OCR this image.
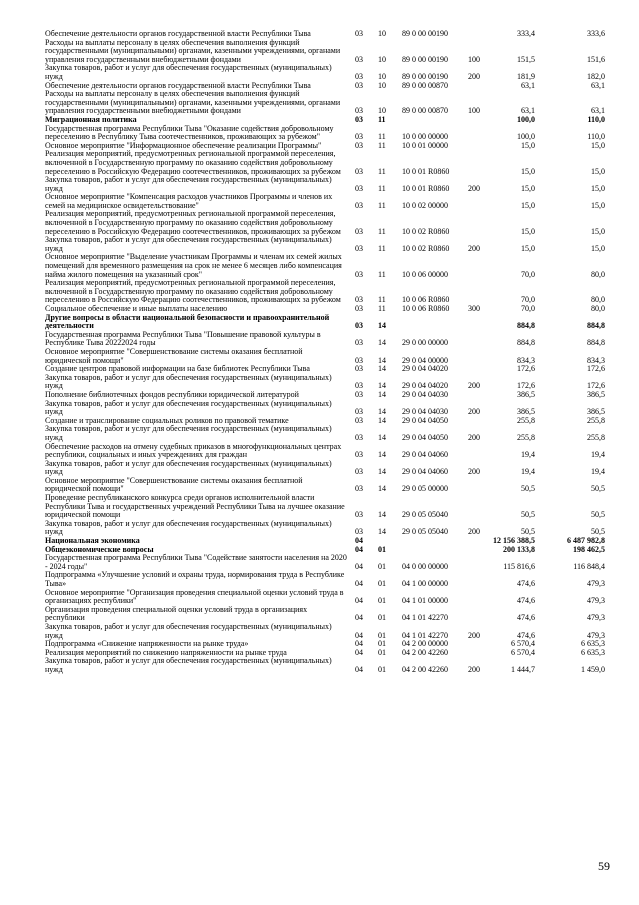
Обеспечение деятельности органов государственной власти Республики Тыва	03 10 89 0 00 00190	333,4	333,6
Расходы на выплаты персоналу в целях обеспечения выполнения функций государственными (муниципальными) органами, казенными учреждениями, органами управления государственными внебюджетными фондами	03 10 89 0 00 00190	100	151,5	151,6
Закупка товаров, работ и услуг для обеспечения государственных (муниципальных) нужд	03 10 89 0 00 00190	200	181,9	182,0
Обеспечение деятельности органов государственной власти Республики Тыва	03 10 89 0 00 00870	63,1	63,1
Расходы на выплаты персоналу в целях обеспечения выполнения функций государственными (муниципальными) органами, казенными учреждениями, органами управления государственными внебюджетными фондами	03 10 89 0 00 00870	100	63,1	63,1
Миграционная политика	03 11	100,0	110,0
Государственная программа Республики Тыва "Оказание содействия добровольному переселению в Республику Тыва соотечественников, проживающих за рубежом"	03 11 10 0 00 00000	100,0	110,0
Основное мероприятие "Информационное обеспечение реализации Программы"	03 11 10 0 01 00000	15,0	15,0
Реализация мероприятий, предусмотренных региональной программой переселения, включенной в Государственную программу по оказанию содействия добровольному переселению в Российскую Федерацию соотечественников, проживающих за рубежом	03 11 10 0 01 R0860	15,0	15,0
Закупка товаров, работ и услуг для обеспечения государственных (муниципальных) нужд	03 11 10 0 01 R0860 200	15,0	15,0
Основное мероприятие "Компенсация расходов участников Программы и членов их семей на медицинское освидетельствование"	03 11 10 0 02 00000	15,0	15,0
Реализация мероприятий, предусмотренных региональной программой переселения, включенной в Государственную программу по оказанию содействия добровольному переселению в Российскую Федерацию соотечественников, проживающих за рубежом	03 11 10 0 02 R0860	15,0	15,0
Закупка товаров, работ и услуг для обеспечения государственных (муниципальных) нужд	03 11 10 0 02 R0860 200	15,0	15,0
Основное мероприятие "Выделение участникам Программы и членам их семей жилых помещений для временного размещения на срок не менее 6 месяцев либо компенсация найма жилого помещения на указанный срок"	03 11 10 0 06 00000	70,0	80,0
Реализация мероприятий, предусмотренных региональной программой переселения, включенной в Государственную программу по оказанию содействия добровольному переселению в Российскую Федерацию соотечественников, проживающих за рубежом	03 11 10 0 06 R0860	70,0	80,0
Социальное обеспечение и иные выплаты населению	03 11 10 0 06 R0860 300	70,0	80,0
Другие вопросы в области национальной безопасности и правоохранительной деятельности	03 14	884,8	884,8
Государственная программа Республики Тыва "Повышение правовой культуры в Республике Тыва 20222024 годы	03 14 29 0 00 00000	884,8	884,8
Основное мероприятие "Совершенствование системы оказания бесплатной юридической помощи"	03 14 29 0 04 00000	834,3	834,3
Создание центров правовой информации на базе библиотек Республики Тыва	03 14 29 0 04 04020	172,6	172,6
Закупка товаров, работ и услуг для обеспечения государственных (муниципальных) нужд	03 14 29 0 04 04020	200	172,6	172,6
Пополнение библиотечных фондов республики юридической литературой	03 14 29 0 04 04030	386,5	386,5
Закупка товаров, работ и услуг для обеспечения государственных (муниципальных) нужд	03 14 29 0 04 04030	200	386,5	386,5
Создание и транслирование социальных роликов по правовой тематике	03 14 29 0 04 04050	255,8	255,8
Закупка товаров, работ и услуг для обеспечения государственных (муниципальных) нужд	03 14 29 0 04 04050	200	255,8	255,8
Обеспечение расходов на отмену судебных приказов в многофункциональных центрах республики, социальных и иных учреждениях для граждан	03 14 29 0 04 04060	19,4	19,4
Закупка товаров, работ и услуг для обеспечения государственных (муниципальных) нужд	03 14 29 0 04 04060	200	19,4	19,4
Основное мероприятие "Совершенствование системы оказания бесплатной юридической помощи"	03 14 29 0 05 00000	50,5	50,5
Проведение республиканского конкурса среди органов исполнительной власти Республики Тыва и государственных учреждений Республики Тыва на лучшее оказание юридической помощи	03 14 29 0 05 05040	50,5	50,5
Закупка товаров, работ и услуг для обеспечения государственных (муниципальных) нужд	03 14 29 0 05 05040	200	50,5	50,5
Национальная экономика	04	12 156 388,5	6 487 982,8
Общеэкономические вопросы	04 01	200 133,8	198 462,5
Государственная программа Республики Тыва "Содействие занятости населения на 2020 - 2024 годы"	04 01 04 0 00 00000	115 816,6	116 848,4
Подпрограмма «Улучшение условий и охраны труда, нормирования труда в Республике Тыва»	04 01 04 1 00 00000	474,6	479,3
Основное мероприятие "Организация проведения специальной оценки условий труда в организациях республики"	04 01 04 1 01 00000	474,6	479,3
Организация проведения специальной оценки условий труда в организациях республики	04 01 04 1 01 42270	474,6	479,3
Закупка товаров, работ и услуг для обеспечения государственных (муниципальных) нужд	04 01 04 1 01 42270	200	474,6	479,3
Подпрограмма «Снижение напряженности на рынке труда»	04 01 04 2 00 00000	6 570,4	6 635,3
Реализация мероприятий по снижению напряженности на рынке труда	04 01 04 2 00 42260	6 570,4	6 635,3
Закупка товаров, работ и услуг для обеспечения государственных (муниципальных) нужд	04 01 04 2 00 42260	200	1 444,7	1 459,0
59
